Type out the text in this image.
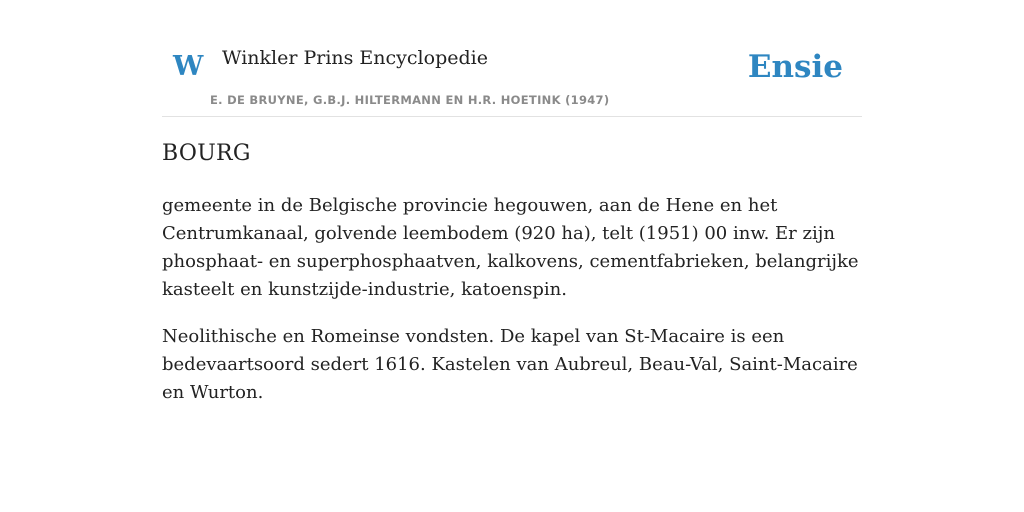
W Winkler Prins Encyclopedie
E. DE BRUYNE, G.B.J. HILTERMANN EN H.R. HOETINK (1947)
Ensie
BOURG

gemeente in de Belgische provincie hegouwen, aan de Hene en het Centrumkanaal, golvende leembodem (920 ha), telt (1951) 00 inw. Er zijn phosphaat- en superphosphaatven, kalkovens, cementfabrieken, belangrijke kasteelt en kunstzijde-industrie, katoenspin.

Neolithische en Romeinse vondsten. De kapel van St-Macaire is een bedevaartsoord sedert 1616. Kastelen van Aubreul, Beau-Val, Saint-Macaire en Wurton.
